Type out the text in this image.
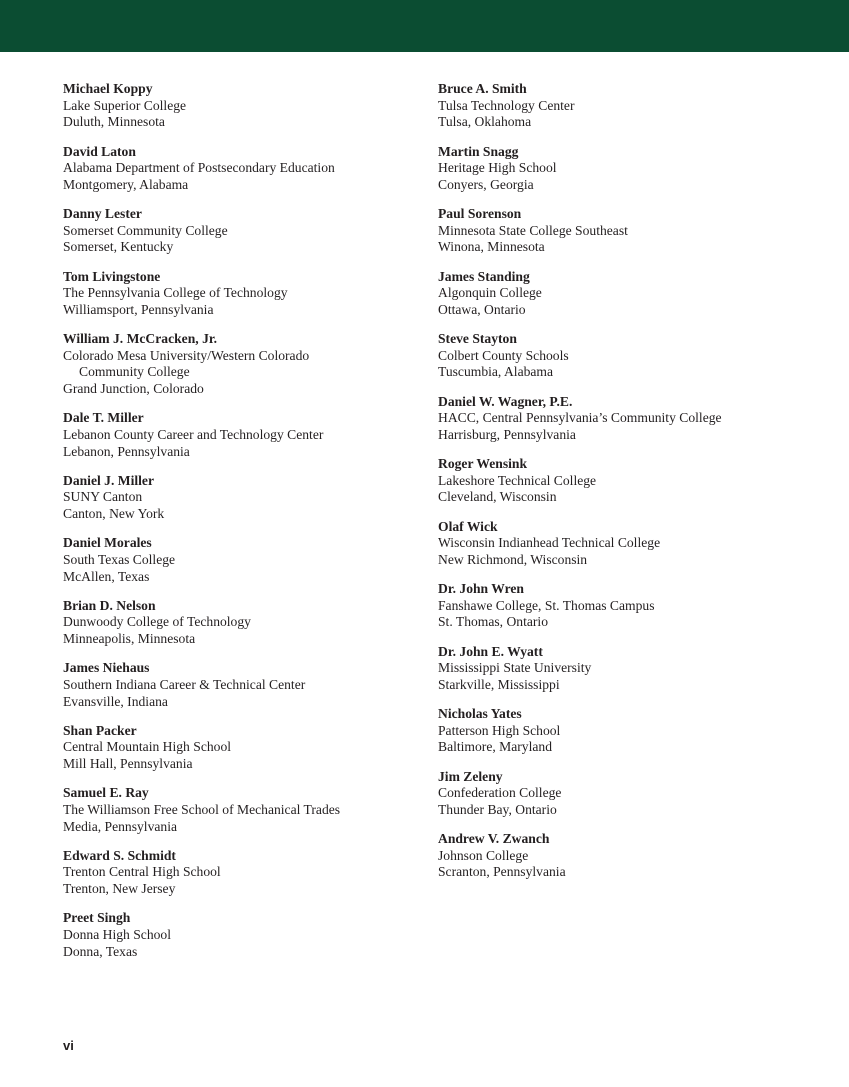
Michael Koppy
Lake Superior College
Duluth, Minnesota
David Laton
Alabama Department of Postsecondary Education
Montgomery, Alabama
Danny Lester
Somerset Community College
Somerset, Kentucky
Tom Livingstone
The Pennsylvania College of Technology
Williamsport, Pennsylvania
William J. McCracken, Jr.
Colorado Mesa University/Western Colorado
Community College
Grand Junction, Colorado
Dale T. Miller
Lebanon County Career and Technology Center
Lebanon, Pennsylvania
Daniel J. Miller
SUNY Canton
Canton, New York
Daniel Morales
South Texas College
McAllen, Texas
Brian D. Nelson
Dunwoody College of Technology
Minneapolis, Minnesota
James Niehaus
Southern Indiana Career & Technical Center
Evansville, Indiana
Shan Packer
Central Mountain High School
Mill Hall, Pennsylvania
Samuel E. Ray
The Williamson Free School of Mechanical Trades
Media, Pennsylvania
Edward S. Schmidt
Trenton Central High School
Trenton, New Jersey
Preet Singh
Donna High School
Donna, Texas
Bruce A. Smith
Tulsa Technology Center
Tulsa, Oklahoma
Martin Snagg
Heritage High School
Conyers, Georgia
Paul Sorenson
Minnesota State College Southeast
Winona, Minnesota
James Standing
Algonquin College
Ottawa, Ontario
Steve Stayton
Colbert County Schools
Tuscumbia, Alabama
Daniel W. Wagner, P.E.
HACC, Central Pennsylvania’s Community College
Harrisburg, Pennsylvania
Roger Wensink
Lakeshore Technical College
Cleveland, Wisconsin
Olaf Wick
Wisconsin Indianhead Technical College
New Richmond, Wisconsin
Dr. John Wren
Fanshawe College, St. Thomas Campus
St. Thomas, Ontario
Dr. John E. Wyatt
Mississippi State University
Starkville, Mississippi
Nicholas Yates
Patterson High School
Baltimore, Maryland
Jim Zeleny
Confederation College
Thunder Bay, Ontario
Andrew V. Zwanch
Johnson College
Scranton, Pennsylvania
vi
